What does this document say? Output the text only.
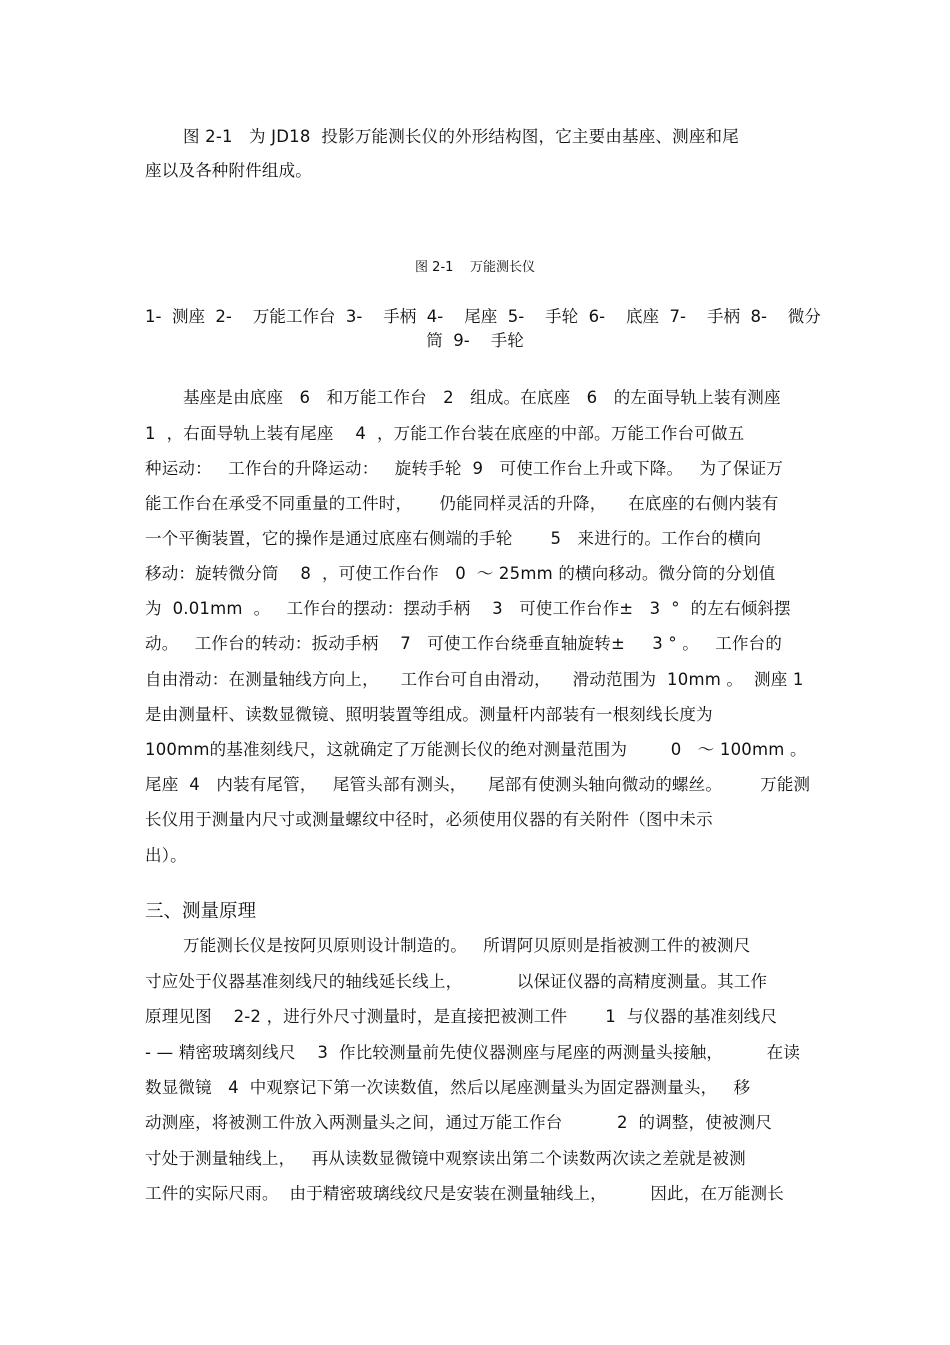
图 2-1   为 JD18  投影万能测长仪的外形结构图，它主要由基座、测座和尾
座以及各种附件组成。
图 2-1    万能测长仪
1-  测座  2-    万能工作台  3-    手柄  4-    尾座  5-    手轮  6-    底座  7-    手柄  8-    微分
筒  9-    手轮
基座是由底座   6   和万能工作台   2   组成。在底座   6   的左面导轨上装有测座
1  ，右面导轨上装有尾座    4  ，万能工作台装在底座的中部。万能工作台可做五
种运动：   工作台的升降运动：   旋转手轮  9   可使工作台上升或下降。   为了保证万
能工作台在承受不同重量的工件时，     仍能同样灵活的升降，    在底座的右侧内装有
一个平衡装置，它的操作是通过底座右侧端的手轮       5   来进行的。工作台的横向
移动：旋转微分筒    8  ，可使工作台作   0  ～ 25mm 的横向移动。微分筒的分划值
为  0.01mm  。   工作台的摆动：摆动手柄    3   可使工作台作±   3  °  的左右倾斜摆
动。   工作台的转动：扳动手柄    7   可使工作台绕垂直轴旋转±     3 ° 。   工作台的
自由滑动：在测量轴线方向上，    工作台可自由滑动，    滑动范围为  10mm 。  测座 1
是由测量杆、读数显微镜、照明装置等组成。测量杆内部装有一根刻线长度为
100mm的基准刻线尺，这就确定了万能测长仪的绝对测量范围为        0   ～ 100mm 。
尾座  4   内装有尾管，   尾管头部有测头，    尾部有使测头轴向微动的螺丝。       万能测
长仪用于测量内尺寸或测量螺纹中径时，必须使用仪器的有关附件（图中未示
出）。
三、测量原理
万能测长仪是按阿贝原则设计制造的。   所谓阿贝原则是指被测工件的被测尺
寸应处于仪器基准刻线尺的轴线延长线上，          以保证仪器的高精度测量。其工作
原理见图    2-2 ，进行外尺寸测量时，是直接把被测工件       1  与仪器的基准刻线尺
- — 精密玻璃刻线尺    3  作比较测量前先使仪器测座与尾座的两测量头接触，        在读
数显微镜   4  中观察记下第一次读数值，然后以尾座测量头为固定器测量头，   移
动测座，将被测工件放入两测量头之间，通过万能工作台          2  的调整，使被测尺
寸处于测量轴线上，   再从读数显微镜中观察读出第二个读数两次读之差就是被测
工件的实际尺雨。  由于精密玻璃线纹尺是安装在测量轴线上，        因此，在万能测长
